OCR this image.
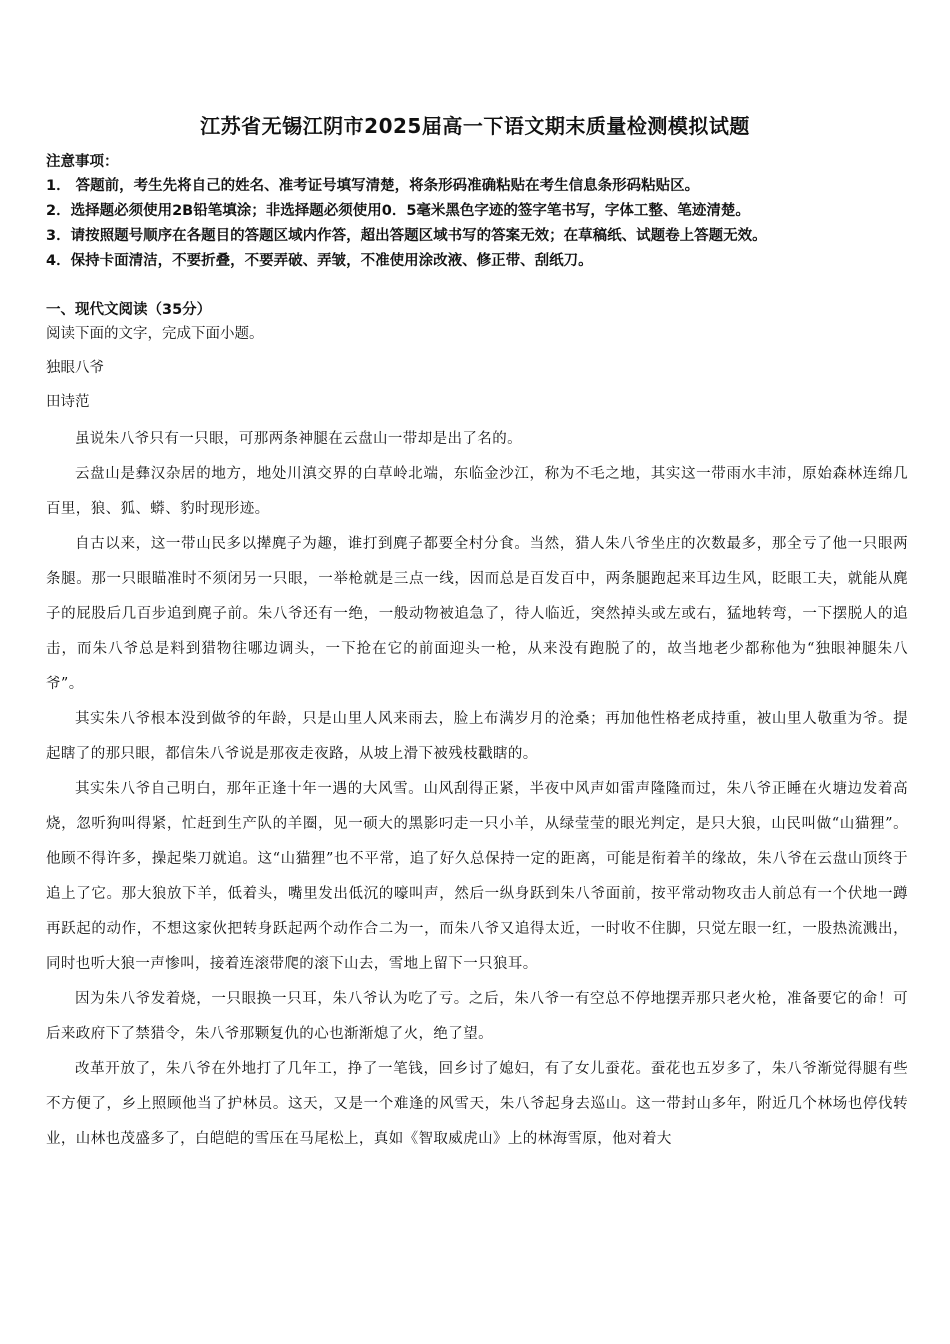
江苏省无锡江阴市2025届高一下语文期末质量检测模拟试题
注意事项：
1． 答题前，考生先将自己的姓名、准考证号填写清楚，将条形码准确粘贴在考生信息条形码粘贴区。
2．选择题必须使用2B铅笔填涂；非选择题必须使用0．5毫米黑色字迹的签字笔书写，字体工整、笔迹清楚。
3．请按照题号顺序在各题目的答题区域内作答，超出答题区域书写的答案无效；在草稿纸、试题卷上答题无效。
4．保持卡面清洁，不要折叠，不要弄破、弄皱，不准使用涂改液、修正带、刮纸刀。
一、现代文阅读（35分）
阅读下面的文字，完成下面小题。
独眼八爷
田诗范

虽说朱八爷只有一只眼，可那两条神腿在云盘山一带却是出了名的。

云盘山是彝汉杂居的地方，地处川滇交界的白草岭北端，东临金沙江，称为不毛之地，其实这一带雨水丰沛，原始森林连绵几百里，狼、狐、蟒、豹时现形迹。

自古以来，这一带山民多以撵麂子为趣，谁打到麂子都要全村分食。当然，猎人朱八爷坐庄的次数最多，那全亏了他一只眼两条腿。那一只眼瞄准时不须闭另一只眼，一举枪就是三点一线，因而总是百发百中，两条腿跑起来耳边生风，眨眼工夫，就能从麂子的屁股后几百步追到麂子前。朱八爷还有一绝，一般动物被追急了，待人临近，突然掉头或左或右，猛地转弯，一下摆脱人的追击，而朱八爷总是料到猎物往哪边调头，一下抢在它的前面迎头一枪，从来没有跑脱了的，故当地老少都称他为“独眼神腿朱八爷”。

其实朱八爷根本没到做爷的年龄，只是山里人风来雨去，脸上布满岁月的沧桑；再加他性格老成持重，被山里人敬重为爷。提起瞎了的那只眼，都信朱八爷说是那夜走夜路，从坡上滑下被残枝戳瞎的。

其实朱八爷自己明白，那年正逢十年一遇的大风雪。山风刮得正紧，半夜中风声如雷声隆隆而过，朱八爷正睡在火塘边发着高烧，忽听狗叫得紧，忙赶到生产队的羊圈，见一硕大的黑影叼走一只小羊，从绿莹莹的眼光判定，是只大狼，山民叫做“山猫狸”。他顾不得许多，操起柴刀就追。这“山猫狸”也不平常，追了好久总保持一定的距离，可能是衔着羊的缘故，朱八爷在云盘山顶终于追上了它。那大狼放下羊，低着头，嘴里发出低沉的嚎叫声，然后一纵身跃到朱八爷面前，按平常动物攻击人前总有一个伏地一蹲再跃起的动作，不想这家伙把转身跃起两个动作合二为一，而朱八爷又追得太近，一时收不住脚，只觉左眼一红，一股热流溅出，同时也听大狼一声惨叫，接着连滚带爬的滚下山去，雪地上留下一只狼耳。

因为朱八爷发着烧，一只眼换一只耳，朱八爷认为吃了亏。之后，朱八爷一有空总不停地摆弄那只老火枪，准备要它的命！可后来政府下了禁猎令，朱八爷那颗复仇的心也渐渐熄了火，绝了望。

改革开放了，朱八爷在外地打了几年工，挣了一笔钱，回乡讨了媳妇，有了女儿蚕花。蚕花也五岁多了，朱八爷渐觉得腿有些不方便了，乡上照顾他当了护林员。这天，又是一个难逢的风雪天，朱八爷起身去巡山。这一带封山多年，附近几个林场也停伐转业，山林也茂盛多了，白皑皑的雪压在马尾松上，真如《智取威虎山》上的林海雪原，他对着大
